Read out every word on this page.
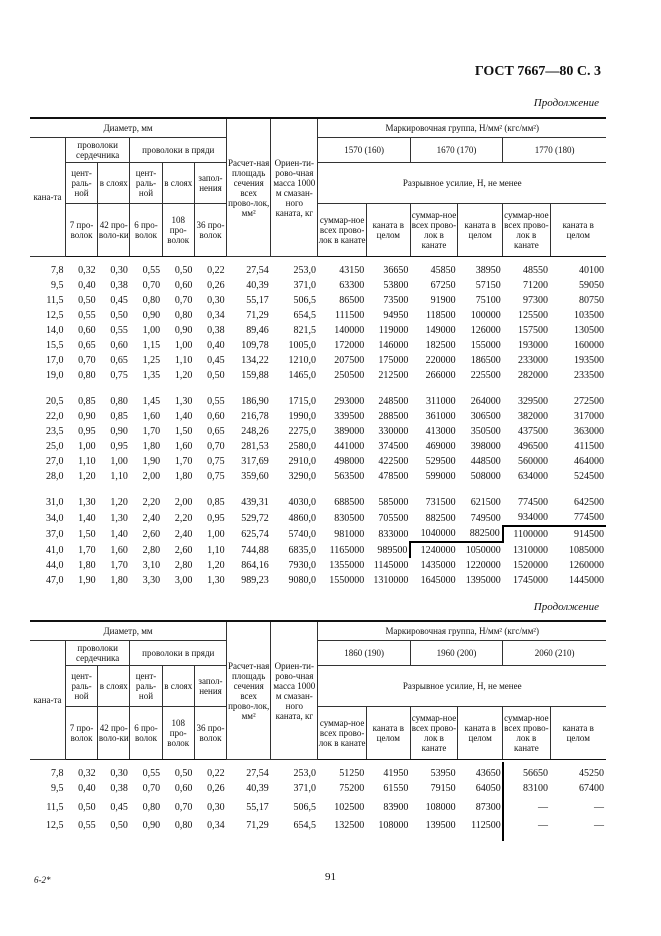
ГОСТ 7667—80 С. 3
Продолжение
Продолжение
Диаметр, мм						Расчет-ная площадь сечения всех прово-лок, мм²	Ориен-ти-рово-чная масса 1000 м смазан-ного каната, кг	Маркировочная группа, Н/мм² (кгс/мм²)					
кана-та	проволоки сердечника		проволоки в пряди					1570 (160)		1670 (170)		1770 (180)	
	цент-раль-ной	в слоях	цент-раль-ной	в слоях	запол-нения			Разрывное усилие, Н, не менее					
	7 про-волок	42 про-воло-ки	6 про-волок	108 про-волок	36 про-волок			суммар-ное всех прово-лок в канате	каната в целом	суммар-ное всех прово-лок в канате	каната в целом	суммар-ное всех прово-лок в канате	каната в целом
7,8	0,32	0,30	0,55	0,50	0,22	27,54	253,0	43150	36650	45850	38950	48550	40100
9,5	0,40	0,38	0,70	0,60	0,26	40,39	371,0	63300	53800	67250	57150	71200	59050
11,5	0,50	0,45	0,80	0,70	0,30	55,17	506,5	86500	73500	91900	75100	97300	80750
12,5	0,55	0,50	0,90	0,80	0,34	71,29	654,5	111500	94950	118500	100000	125500	103500
14,0	0,60	0,55	1,00	0,90	0,38	89,46	821,5	140000	119000	149000	126000	157500	130500
15,5	0,65	0,60	1,15	1,00	0,40	109,78	1005,0	172000	146000	182500	155000	193000	160000
17,0	0,70	0,65	1,25	1,10	0,45	134,22	1210,0	207500	175000	220000	186500	233000	193500
19,0	0,80	0,75	1,35	1,20	0,50	159,88	1465,0	250500	212500	266000	225500	282000	233500

20,5	0,85	0,80	1,45	1,30	0,55	186,90	1715,0	293000	248500	311000	264000	329500	272500
22,0	0,90	0,85	1,60	1,40	0,60	216,78	1990,0	339500	288500	361000	306500	382000	317000
23,5	0,95	0,90	1,70	1,50	0,65	248,26	2275,0	389000	330000	413000	350500	437500	363000
25,0	1,00	0,95	1,80	1,60	0,70	281,53	2580,0	441000	374500	469000	398000	496500	411500
27,0	1,10	1,00	1,90	1,70	0,75	317,69	2910,0	498000	422500	529500	448500	560000	464000
28,0	1,20	1,10	2,00	1,80	0,75	359,60	3290,0	563500	478500	599000	508000	634000	524500

31,0	1,30	1,20	2,20	2,00	0,85	439,31	4030,0	688500	585000	731500	621500	774500	642500
34,0	1,40	1,30	2,40	2,20	0,95	529,72	4860,0	830500	705500	882500	749500	934000	774500
37,0	1,50	1,40	2,60	2,40	1,00	625,74	5740,0	981000	833000	1040000	882500	1100000	914500
41,0	1,70	1,60	2,80	2,60	1,10	744,88	6835,0	1165000	989500	1240000	1050000	1310000	1085000
44,0	1,80	1,70	3,10	2,80	1,20	864,16	7930,0	1355000	1145000	1435000	1220000	1520000	1260000
47,0	1,90	1,80	3,30	3,00	1,30	989,23	9080,0	1550000	1310000	1645000	1395000	1745000	1445000
Диаметр, мм						Расчет-ная площадь сечения всех прово-лок, мм²	Ориен-ти-рово-чная масса 1000 м смазан-ного каната, кг	Маркировочная группа, Н/мм² (кгс/мм²)					
кана-та	проволоки сердечника		проволоки в пряди					1860 (190)		1960 (200)		2060 (210)	
	цент-раль-ной	в слоях	цент-раль-ной	в слоях	запол-нения			Разрывное усилие, Н, не менее					
	7 про-волок	42 про-воло-ки	6 про-волок	108 про-волок	36 про-волок			суммар-ное всех прово-лок в канате	каната в целом	суммар-ное всех прово-лок в канате	каната в целом	суммар-ное всех прово-лок в канате	каната в целом
7,8	0,32	0,30	0,55	0,50	0,22	27,54	253,0	51250	41950	53950	43650	56650	45250
9,5	0,40	0,38	0,70	0,60	0,26	40,39	371,0	75200	61550	79150	64050	83100	67400
11,5	0,50	0,45	0,80	0,70	0,30	55,17	506,5	102500	83900	108000	87300	—	—
12,5	0,55	0,50	0,90	0,80	0,34	71,29	654,5	132500	108000	139500	112500	—	—
6-2*	91
